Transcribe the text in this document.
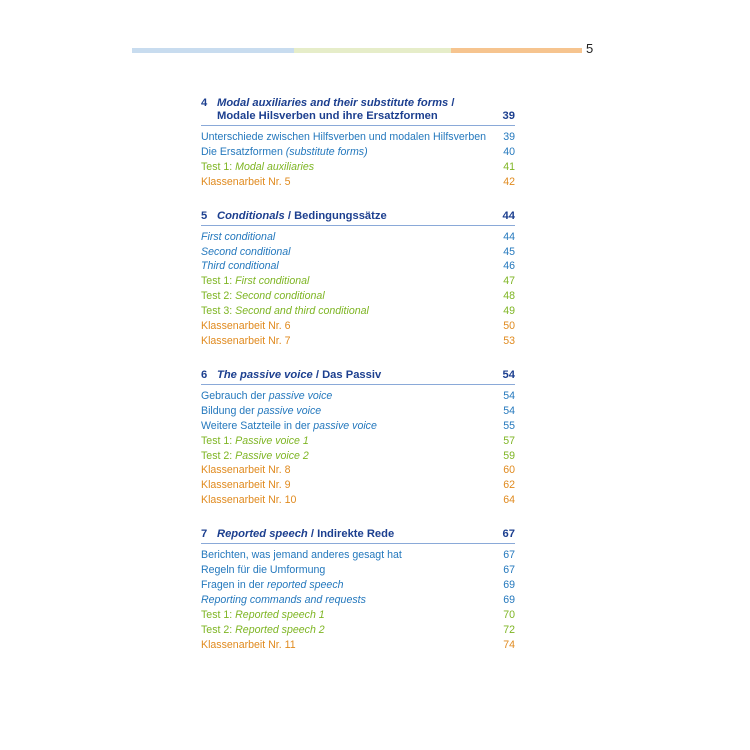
5
4 Modal auxiliaries and their substitute forms /
Modale Hilsverben und ihre Ersatzformen	39
Unterschiede zwischen Hilfsverben und modalen Hilfsverben 39
Die Ersatzformen (substitute forms)	40
Test 1: Modal auxiliaries	41
Klassenarbeit Nr. 5	42
5 Conditionals / Bedingungssätze	44
First conditional	44
Second conditional	45
Third conditional	46
Test 1: First conditional	47
Test 2: Second conditional	48
Test 3: Second and third conditional	49
Klassenarbeit Nr. 6	50
Klassenarbeit Nr. 7	53
6 The passive voice / Das Passiv	54
Gebrauch der passive voice	54
Bildung der passive voice	54
Weitere Satzteile in der passive voice	55
Test 1: Passive voice 1	57
Test 2: Passive voice 2	59
Klassenarbeit Nr. 8	60
Klassenarbeit Nr. 9	62
Klassenarbeit Nr. 10	64
7 Reported speech / Indirekte Rede	67
Berichten, was jemand anderes gesagt hat	67
Regeln für die Umformung	67
Fragen in der reported speech	69
Reporting commands and requests	69
Test 1: Reported speech 1	70
Test 2: Reported speech 2	72
Klassenarbeit Nr. 11	74
